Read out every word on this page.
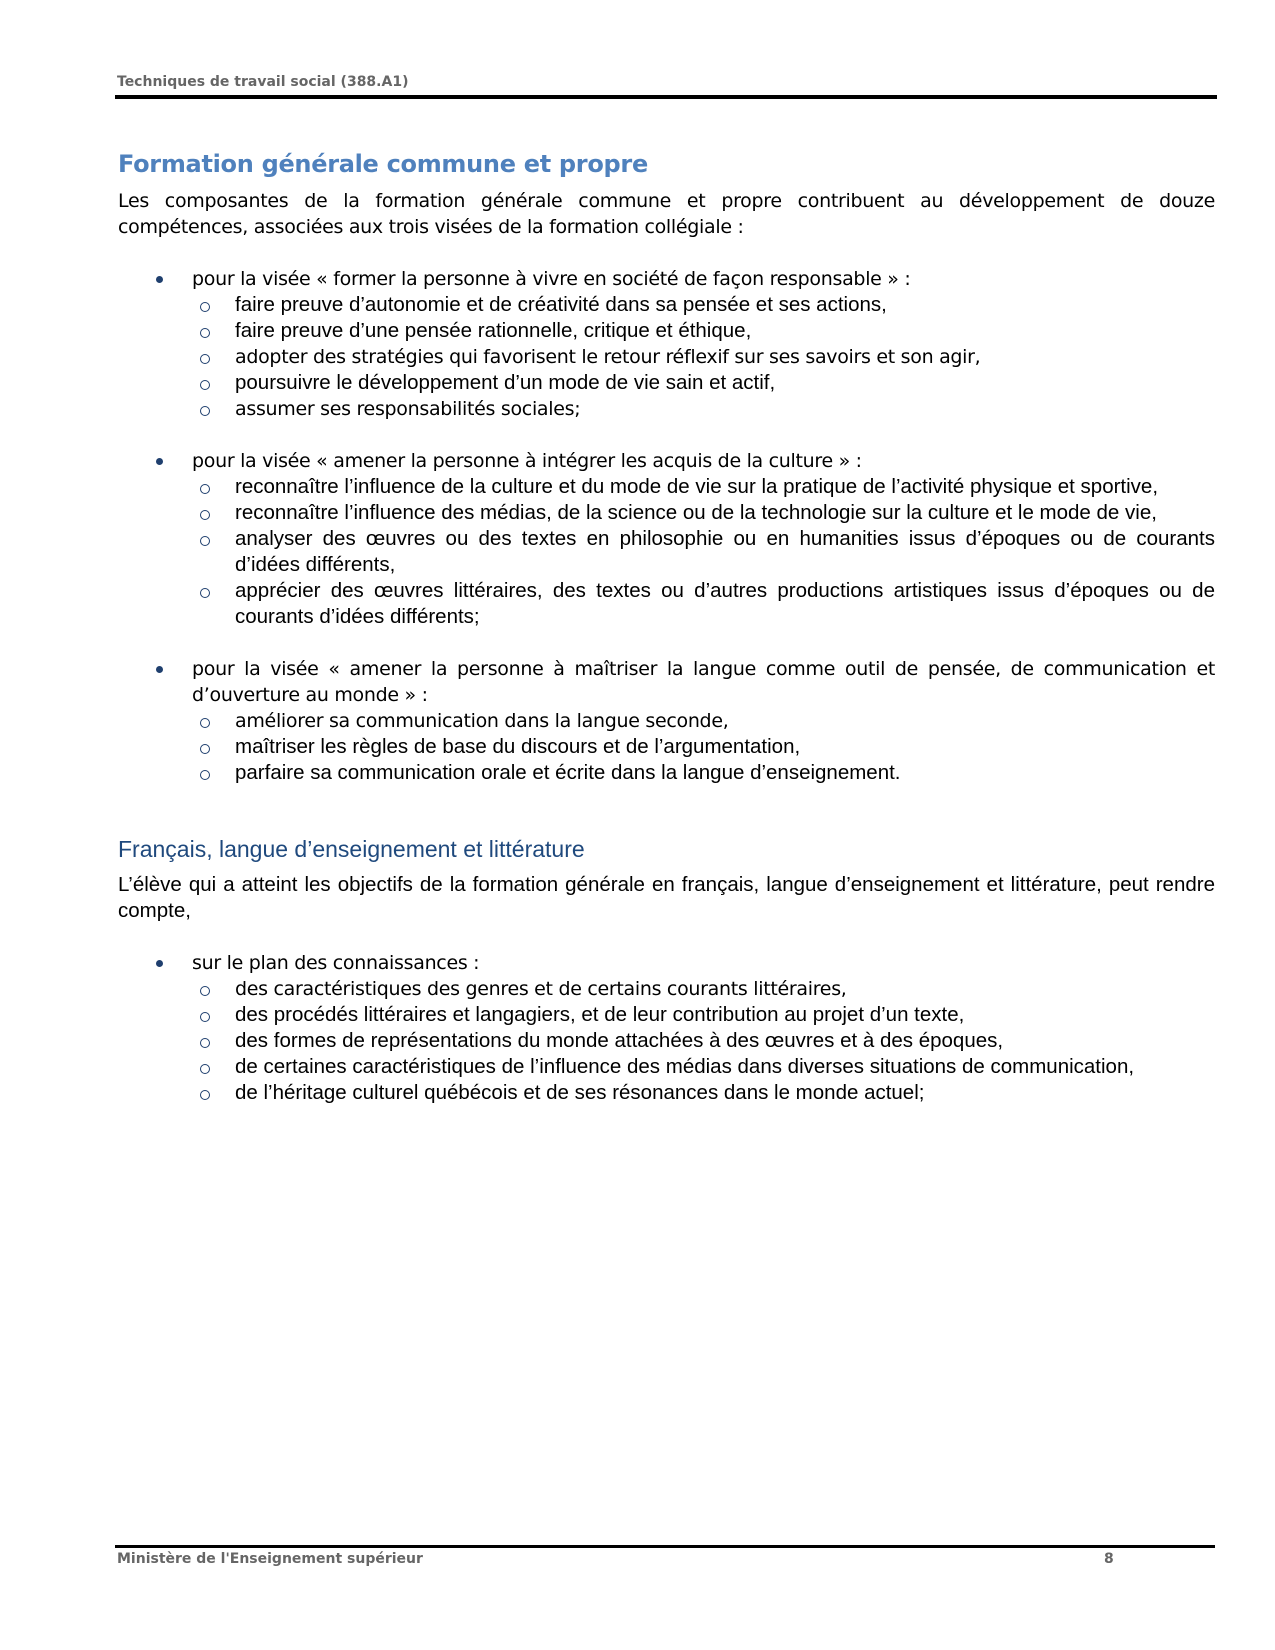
Techniques de travail social (388.A1)
Formation générale commune et propre

Les composantes de la formation générale commune et propre contribuent au développement de douze compétences, associées aux trois visées de la formation collégiale :

pour la visée « former la personne à vivre en société de façon responsable » :
faire preuve d’autonomie et de créativité dans sa pensée et ses actions,
faire preuve d’une pensée rationnelle, critique et éthique,
adopter des stratégies qui favorisent le retour réflexif sur ses savoirs et son agir,
poursuivre le développement d’un mode de vie sain et actif,
assumer ses responsabilités sociales;
pour la visée « amener la personne à intégrer les acquis de la culture » :
reconnaître l’influence de la culture et du mode de vie sur la pratique de l’activité physique et sportive,
reconnaître l’influence des médias, de la science ou de la technologie sur la culture et le mode de vie,
analyser des œuvres ou des textes en philosophie ou en humanities issus d’époques ou de courants d’idées différents,
apprécier des œuvres littéraires, des textes ou d’autres productions artistiques issus d’époques ou de courants d’idées différents;
pour la visée « amener la personne à maîtriser la langue comme outil de pensée, de communication et d’ouverture au monde » :
améliorer sa communication dans la langue seconde,
maîtriser les règles de base du discours et de l’argumentation,
parfaire sa communication orale et écrite dans la langue d’enseignement.
Français, langue d’enseignement et littérature

L’élève qui a atteint les objectifs de la formation générale en français, langue d’enseignement et littérature, peut rendre compte,

sur le plan des connaissances :
des caractéristiques des genres et de certains courants littéraires,
des procédés littéraires et langagiers, et de leur contribution au projet d’un texte,
des formes de représentations du monde attachées à des œuvres et à des époques,
de certaines caractéristiques de l’influence des médias dans diverses situations de communication,
de l’héritage culturel québécois et de ses résonances dans le monde actuel;
Ministère de l'Enseignement supérieur	8
